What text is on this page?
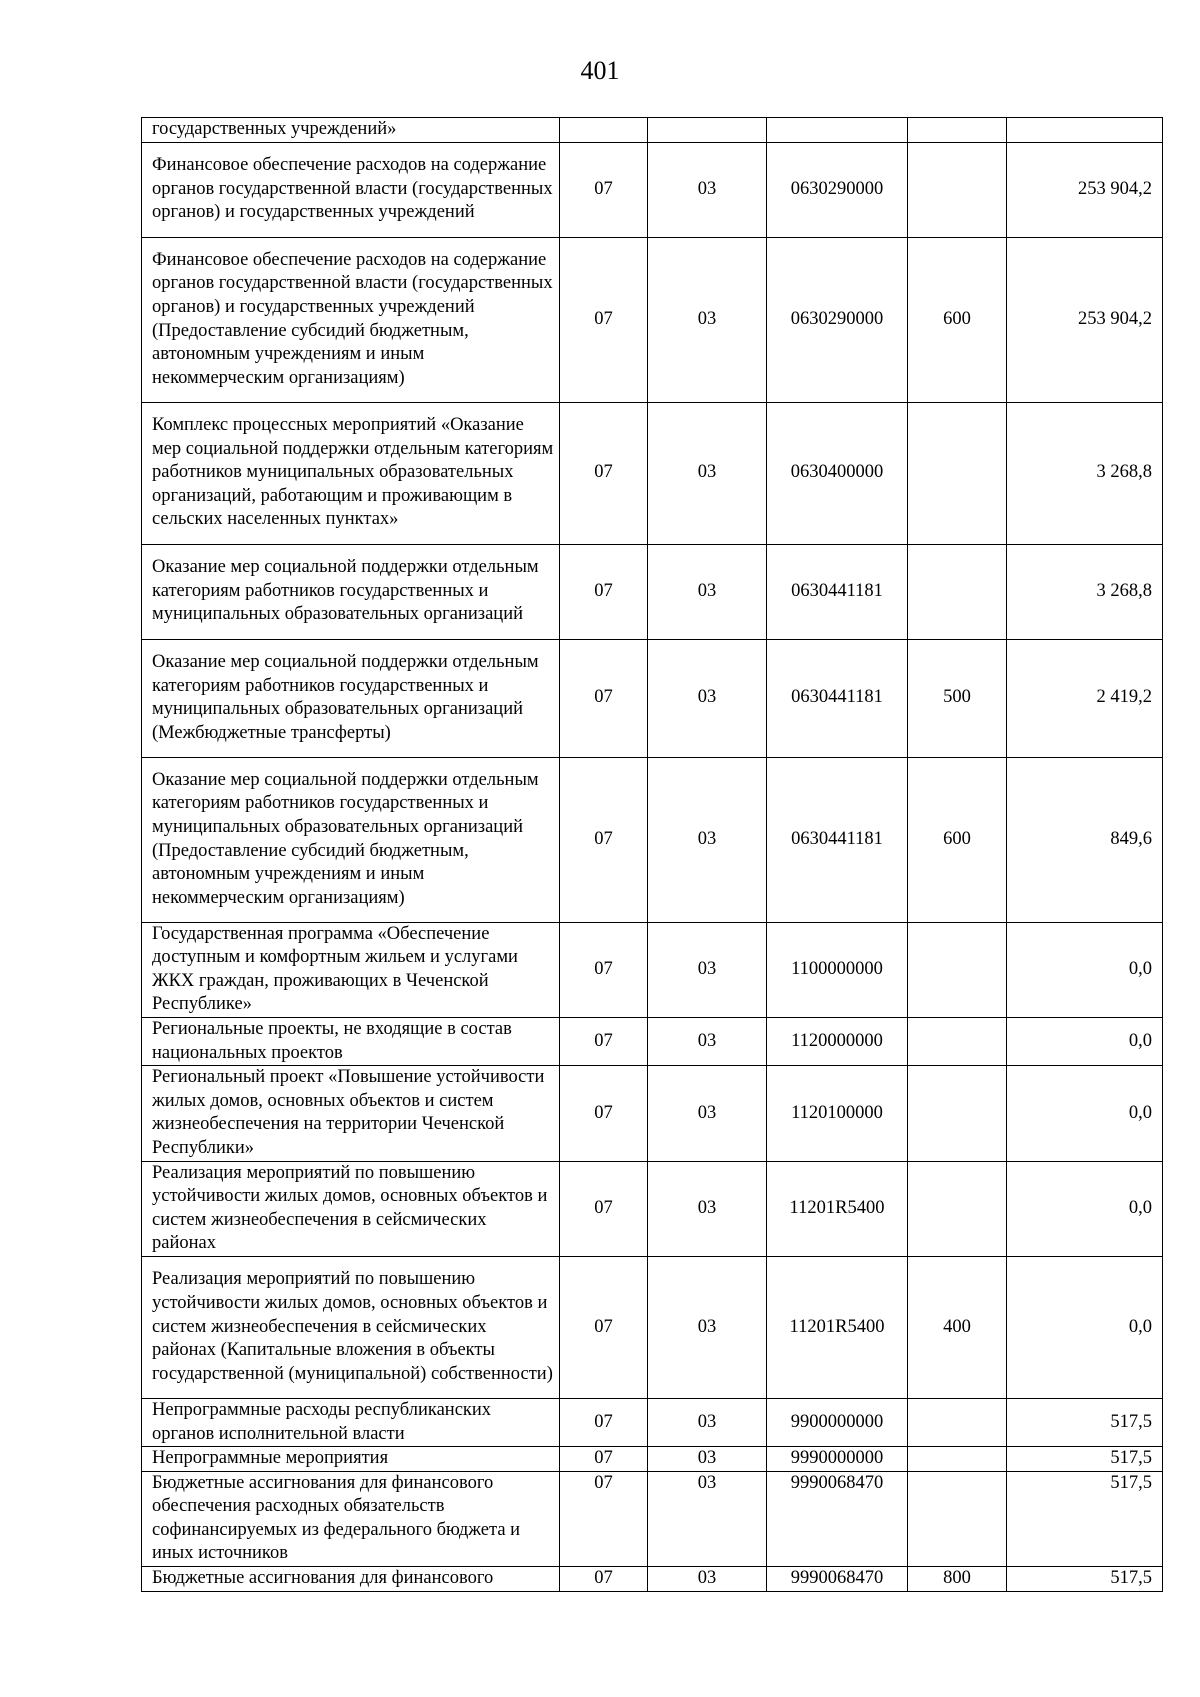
401
государственных учреждений»					
Финансовое обеспечение расходов на содержание органов государственной власти (государственных органов) и государственных учреждений	07	03	0630290000		253 904,2
Финансовое обеспечение расходов на содержание органов государственной власти (государственных органов) и государственных учреждений (Предоставление субсидий бюджетным, автономным учреждениям и иным некоммерческим организациям)	07	03	0630290000	600	253 904,2
Комплекс процессных мероприятий «Оказание мер социальной поддержки отдельным категориям работников муниципальных образовательных организаций, работающим и проживающим в сельских населенных пунктах»	07	03	0630400000		3 268,8
Оказание мер социальной поддержки отдельным категориям работников государственных и муниципальных образовательных организаций	07	03	0630441181		3 268,8
Оказание мер социальной поддержки отдельным категориям работников государственных и муниципальных образовательных организаций (Межбюджетные трансферты)	07	03	0630441181	500	2 419,2
Оказание мер социальной поддержки отдельным категориям работников государственных и муниципальных образовательных организаций (Предоставление субсидий бюджетным, автономным учреждениям и иным некоммерческим организациям)	07	03	0630441181	600	849,6
Государственная программа «Обеспечение доступным и комфортным жильем и услугами ЖКХ граждан, проживающих в Чеченской Республике»	07	03	1100000000		0,0
Региональные проекты, не входящие в состав национальных проектов	07	03	1120000000		0,0
Региональный проект «Повышение устойчивости жилых домов, основных объектов и систем жизнеобеспечения на территории Чеченской Республики»	07	03	1120100000		0,0
Реализация мероприятий по повышению устойчивости жилых домов, основных объектов и систем жизнеобеспечения в сейсмических районах	07	03	11201R5400		0,0
Реализация мероприятий по повышению устойчивости жилых домов, основных объектов и систем жизнеобеспечения в сейсмических районах (Капитальные вложения в объекты государственной (муниципальной) собственности)	07	03	11201R5400	400	0,0
Непрограммные расходы республиканских органов исполнительной власти	07	03	9900000000		517,5
Непрограммные мероприятия	07	03	9990000000		517,5
Бюджетные ассигнования для финансового обеспечения расходных обязательств софинансируемых из федерального бюджета и иных источников	07	03	9990068470		517,5
Бюджетные ассигнования для финансового	07	03	9990068470	800	517,5
